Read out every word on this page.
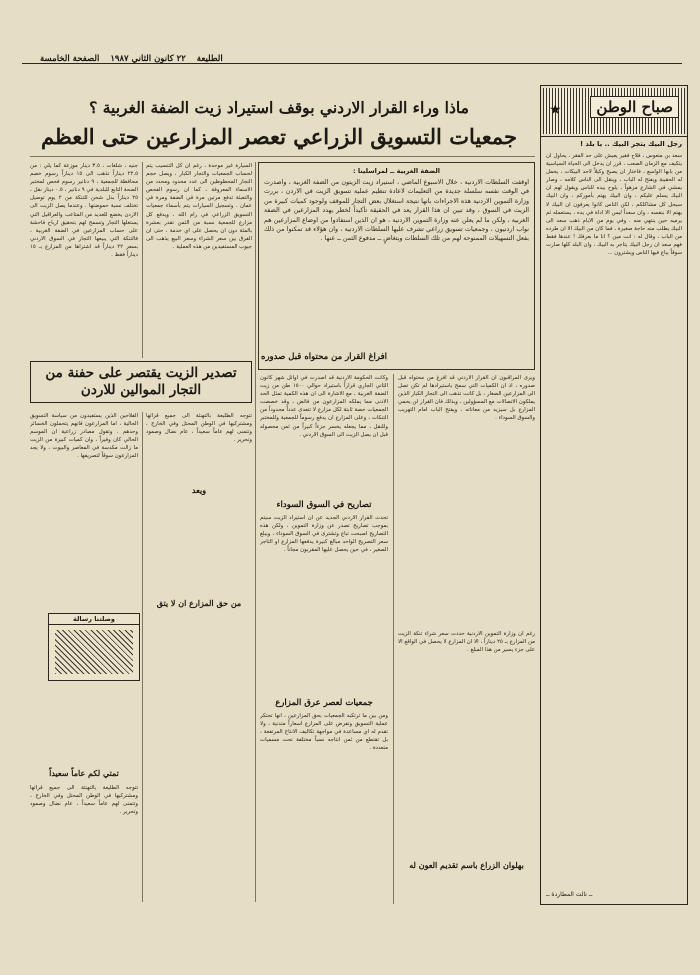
الطليعة ٢٢ كانون الثاني ١٩٨٧ الصفحة الخامسة
ماذا وراء القرار الاردني بوقف استيراد زيت الضفة الغربية ؟
جمعيات التسويق الزراعي تعصر المزارعين حتى العظم
الضفة الغربية ــ لمراسلينا :
اوقفت السلطات الاردنية ، خلال الاسبوع الماضي ، استيراد زيت الزيتون من الضفة الغربية ، واصدرت في الوقت نفسه سلسلة جديدة من التعليمات لاعادة تنظيم عملية تسويق الزيت في الاردن ، بررت وزارة التموين الاردنية هذه الاجراءات بانها نتيجة استغلال بعض التجار للموقف ولوجود كميات كبيرة من الزيت في السوق ، وقد تبين ان هذا القرار يعد في الحقيقة تأكيداً لخطر يهدد المزارعين في الضفة الغربية ، ولكن ما لم يعلن عنه وزارة التموين الاردنية ، هو ان الذين استفادوا من اوضاع المزارعين هم نواب اردنيون ، وجمعيات تسويق زراعي تشرف عليها السلطات الاردنية ، وان هؤلاء قد تمكنوا من ذلك بفعل التسهيلات الممنوحة لهم من تلك السلطات وبتغاضٍ ــ مدفوع الثمن ــ عنها .
جنيه ، شلغات ، ٣.٥ دينار موزعة كما يلي : من ٢٢.٥ ديناراً تذهب الى ١٥ ديناراً رسوم خصم محافظة للجمعية ، ٩ دنانير رسوم فحص لمختبر الصحة التابع للبلدية في ٩ دنانير ، ٠.٥ دينار نقل ، ٢٥ ديناراً بدل شحن للتنكة من ٢ يوم توصيل تختلف نسبة حموضتها . وعندما يصل الزيت الى الاردن يخضع للعديد من المتاعب والعراقيل التي يستغلها التجار وتسمح لهم بتحقيق ارباح فاحشة على حساب المزارعين في الضفة الغربية ، فالتنكة التي يبيعها التجار في السوق الاردني بسعر ٢٢ ديناراً قد اشتراها من المزارع بـ ١٥ ديناراً فقط .
السيارة غير موحدة ، رغم ان كل التنسيب يتم لحساب الجمعيات والتجار الكبار ، ويصل حجم التجار المحظوظين الى عدد محدود ومحدد من الاسماء المعروفة ، كما ان رسوم الفحص والتعبئة تدفع مرتين مرة في الضفة ومرة في عمان . وتسجيل السيارات يتم بأسماء جمعيات التسويق الزراعي في رام الله ، ويدفع كل مزارع للجمعية نسبة من الثمن تقدر بعشرة بالمئة دون ان يحصل على اي خدمة ، حتى ان الفرق بين سعر الشراء وسعر البيع يذهب الى جيوب المستفيدين من هذه العملية .
تصدير الزيت يقتصر على حفنة من التجار الموالين للاردن
وكانت الحكومة الاردنية قد اصدرت في اوائل شهر كانون الثاني الجاري قراراً باستيراد حوالي ١٥٠٠ طن من زيت الضفة الغربية ، مع الاشارة الى ان هذه الكمية تمثل الحد الادنى مما يملكه المزارعون من فائض ، وقد خصصت الجمعيات حصة ثابتة لكل مزارع لا تتعدى عدداً محدوداً من التنكات ، وعلى المزارع ان يدفع رسوماً للجمعية وللمختبر وللنقل ، مما يجعله يخسر جزءاً كبيراً من ثمن محصوله قبل ان يصل الزيت الى السوق الاردني .
افراغ القرار من محتواه قبل صدوره
ويرى المراقبون ان القرار الاردني قد افرغ من محتواه قبل صدوره ، اذ ان الكميات التي سمح باستيرادها لم تكن تصل الى المزارعين الصغار ، بل كانت تذهب الى التجار الكبار الذين يملكون الاتصالات مع المسؤولين ، وبذلك فان القرار لن يحمي المزارع بل سيزيد من معاناته ، ويفتح الباب امام التهريب والسوق السوداء .
تصاريح في السوق السوداء
تحدث القرار الاردني الجديد عن ان استيراد الزيت سيتم بموجب تصاريح تصدر عن وزارة التموين ، ولكن هذه التصاريح اصبحت تباع وتشترى في السوق السوداء ، ويبلغ سعر التصريح الواحد مبالغ كبيرة يدفعها المزارع او التاجر الصغير ، في حين يحصل عليها المقربون مجاناً .
جمعيات لعصر عرق المزارع
ومن بين ما ترتكبه الجمعيات بحق المزارعين ، انها تحتكر عملية التسويق وتفرض على المزارع اسعاراً متدنية ، ولا تقدم له اي مساعدة في مواجهة تكاليف الانتاج المرتفعة ، بل تقتطع من ثمن انتاجه نسباً مختلفة تحت مسميات متعددة .
رغم ان وزارة التموين الاردنية حددت سعر شراء تنكة الزيت من المزارع بـ ٢٥ ديناراً ، الا ان المزارع لا يحصل في الواقع الا على جزء يسير من هذا المبلغ .
بهلوان الزراع باسم تقديم العون له
الفلاحين الذين يستفيدون من سياسة التسويق الحالية ، اما المزارعون فانهم يتحملون الخسائر وحدهم . وتقول مصادر زراعية ان الموسم الحالي كان وفيراً ، وان كميات كبيرة من الزيت ما زالت مكدسة في المعاصر والبيوت ، ولا يجد المزارعون سوقاً لتصريفها .
ويعد
تتوجه الطليعة بالتهنئة الى جميع قرائها ومشتركيها في الوطن المحتل وفي الخارج ، وتتمنى لهم عاماً سعيداً ، عام نضال وصمود وتحرير .
من حق المزارع ان لا يتق
وصلتنا رسالة
تمتي لكم عاماً سعيداً
تتوجه الطليعة بالتهنئة الى جميع قرائها ومشتركيها في الوطن المحتل وفي الخارج ، وتتمنى لهم عاماً سعيداً ، عام نضال وصمود وتحرير .
صباح الوطن
★
رجل البيك يتجر البيك .. يا بلد !
سعد بن متعوس ، فلاح فقير يعيش على حد الفقر ، يحاول ان يتكيف مع الزمان الصعب ، قرر ان يدخل الى الحياة السياسية من بابها الواسع ، فاختار ان يصبح وكيلاً لاحد البيكات ، يحمل له الحقيبة ويفتح له الباب ، وينقل الى الناس كلامه ، وصار يمشي في الشارع مزهواً ، يلوح بيده للناس ويقول لهم ان البيك يسلم عليكم ، وان البيك يهتم بأموركم ، وان البيك سيحل كل مشاكلكم ، لكن الناس كانوا يعرفون ان البيك لا يهتم الا بنفسه ، وان سعداً ليس الا اداة في يده ، يستعمله ثم يرميه حين ينتهي منه . وفي يوم من الايام ذهب سعد الى البيك يطلب منه حاجة صغيرة ، فما كان من البيك الا ان طرده من الباب ، وقال له : انت مين ؟ انا ما بعرفك ! عندها فقط فهم سعد ان رجل البيك يتاجر به البيك ، وان البلد كلها صارت سوقاً يباع فيها الناس ويشترون ...
ــ نالت المطاردة ــ
